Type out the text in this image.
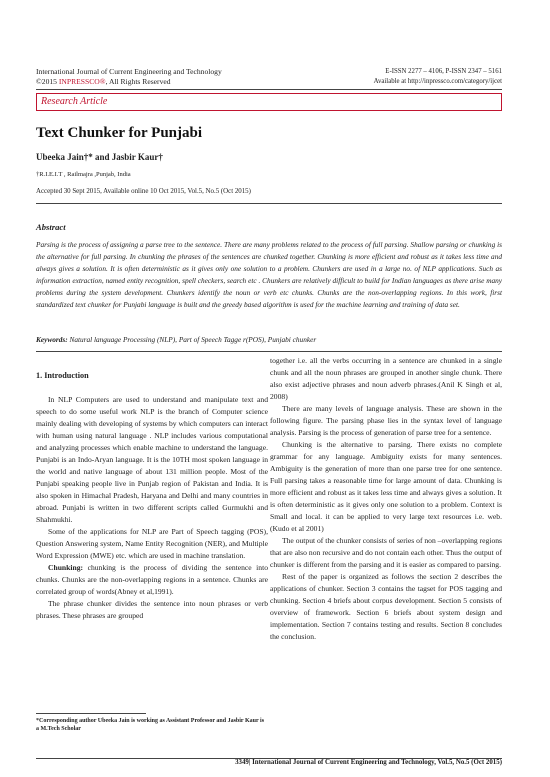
International Journal of Current Engineering and Technology
©2015 INPRESSCO®, All Rights Reserved
E-ISSN 2277 – 4106, P-ISSN 2347 – 5161
Available at http://inpressco.com/category/ijcet
Research Article
Text Chunker for Punjabi
Ubeeka Jain†* and Jasbir Kaur†
†R.I.E.I.T , Railmajra ,Punjab, India
Accepted 30 Sept 2015, Available online 10 Oct 2015, Vol.5, No.5 (Oct 2015)
Abstract
Parsing is the process of assigning a parse tree to the sentence. There are many problems related to the process of full parsing. Shallow parsing or chunking is the alternative for full parsing. In chunking the phrases of the sentences are chunked together. Chunking is more efficient and robust as it takes less time and always gives a solution. It is often deterministic as it gives only one solution to a problem. Chunkers are used in a large no. of NLP applications. Such as information extraction, named entity recognition, spell checkers, search etc . Chunkers are relatively difficult to build for Indian languages as there arise many problems during the system development. Chunkers identify the noun or verb etc chunks. Chunks are the non-overlapping regions. In this work, first standardized text chunker for Punjabi language is built and the greedy based algorithm is used for the machine learning and training of data set.
Keywords: Natural language Processing (NLP), Part of Speech Tagge r(POS), Punjabi chunker
1. Introduction

In NLP Computers are used to understand and manipulate text and speech to do some useful work NLP is the branch of Computer science mainly dealing with developing of systems by which computers can interact with human using natural language . NLP includes various computational and analyzing processes which enable machine to understand the language. Punjabi is an Indo-Aryan language. It is the 10TH most spoken language in the world and native language of about 131 million people. Most of the Punjabi speaking people live in Punjab region of Pakistan and India. It is also spoken in Himachal Pradesh, Haryana and Delhi and many countries in abroad. Punjabi is written in two different scripts called Gurmukhi and Shahmukhi.

Some of the applications for NLP are Part of Speech tagging (POS), Question Answering system, Name Entity Recognition (NER), and Multiple Word Expression (MWE) etc. which are used in machine translation.

Chunking: chunking is the process of dividing the sentence into chunks. Chunks are the non-overlapping regions in a sentence. Chunks are correlated group of words(Abney et al,1991).

The phrase chunker divides the sentence into noun phrases or verb phrases. These phrases are grouped

together i.e. all the verbs occurring in a sentence are chunked in a single chunk and all the noun phrases are grouped in another single chunk. There also exist adjective phrases and noun adverb phrases.(Anil K Singh et al, 2008)

There are many levels of language analysis. These are shown in the following figure. The parsing phase lies in the syntax level of language analysis. Parsing is the process of generation of parse tree for a sentence.

Chunking is the alternative to parsing. There exists no complete grammar for any language. Ambiguity exists for many sentences. Ambiguity is the generation of more than one parse tree for one sentence. Full parsing takes a reasonable time for large amount of data. Chunking is more efficient and robust as it takes less time and always gives a solution. It is often deterministic as it gives only one solution to a problem. Context is Small and local. it can be applied to very large text resources i.e. web.(Kudo et al 2001)

The output of the chunker consists of series of non –overlapping regions that are also non recursive and do not contain each other. Thus the output of chunker is different from the parsing and it is easier as compared to parsing.

Rest of the paper is organized as follows the section 2 describes the applications of chunker. Section 3 contains the tagset for POS tagging and chunking. Section 4 briefs about corpus development. Section 5 consists of overview of framework. Section 6 briefs about system design and implementation. Section 7 contains testing and results. Section 8 concludes the conclusion.

*Corresponding author Ubeeka Jain is working as Assistant Professor and Jasbir Kaur is a M.Tech Scholar
3349| International Journal of Current Engineering and Technology, Vol.5, No.5 (Oct 2015)
